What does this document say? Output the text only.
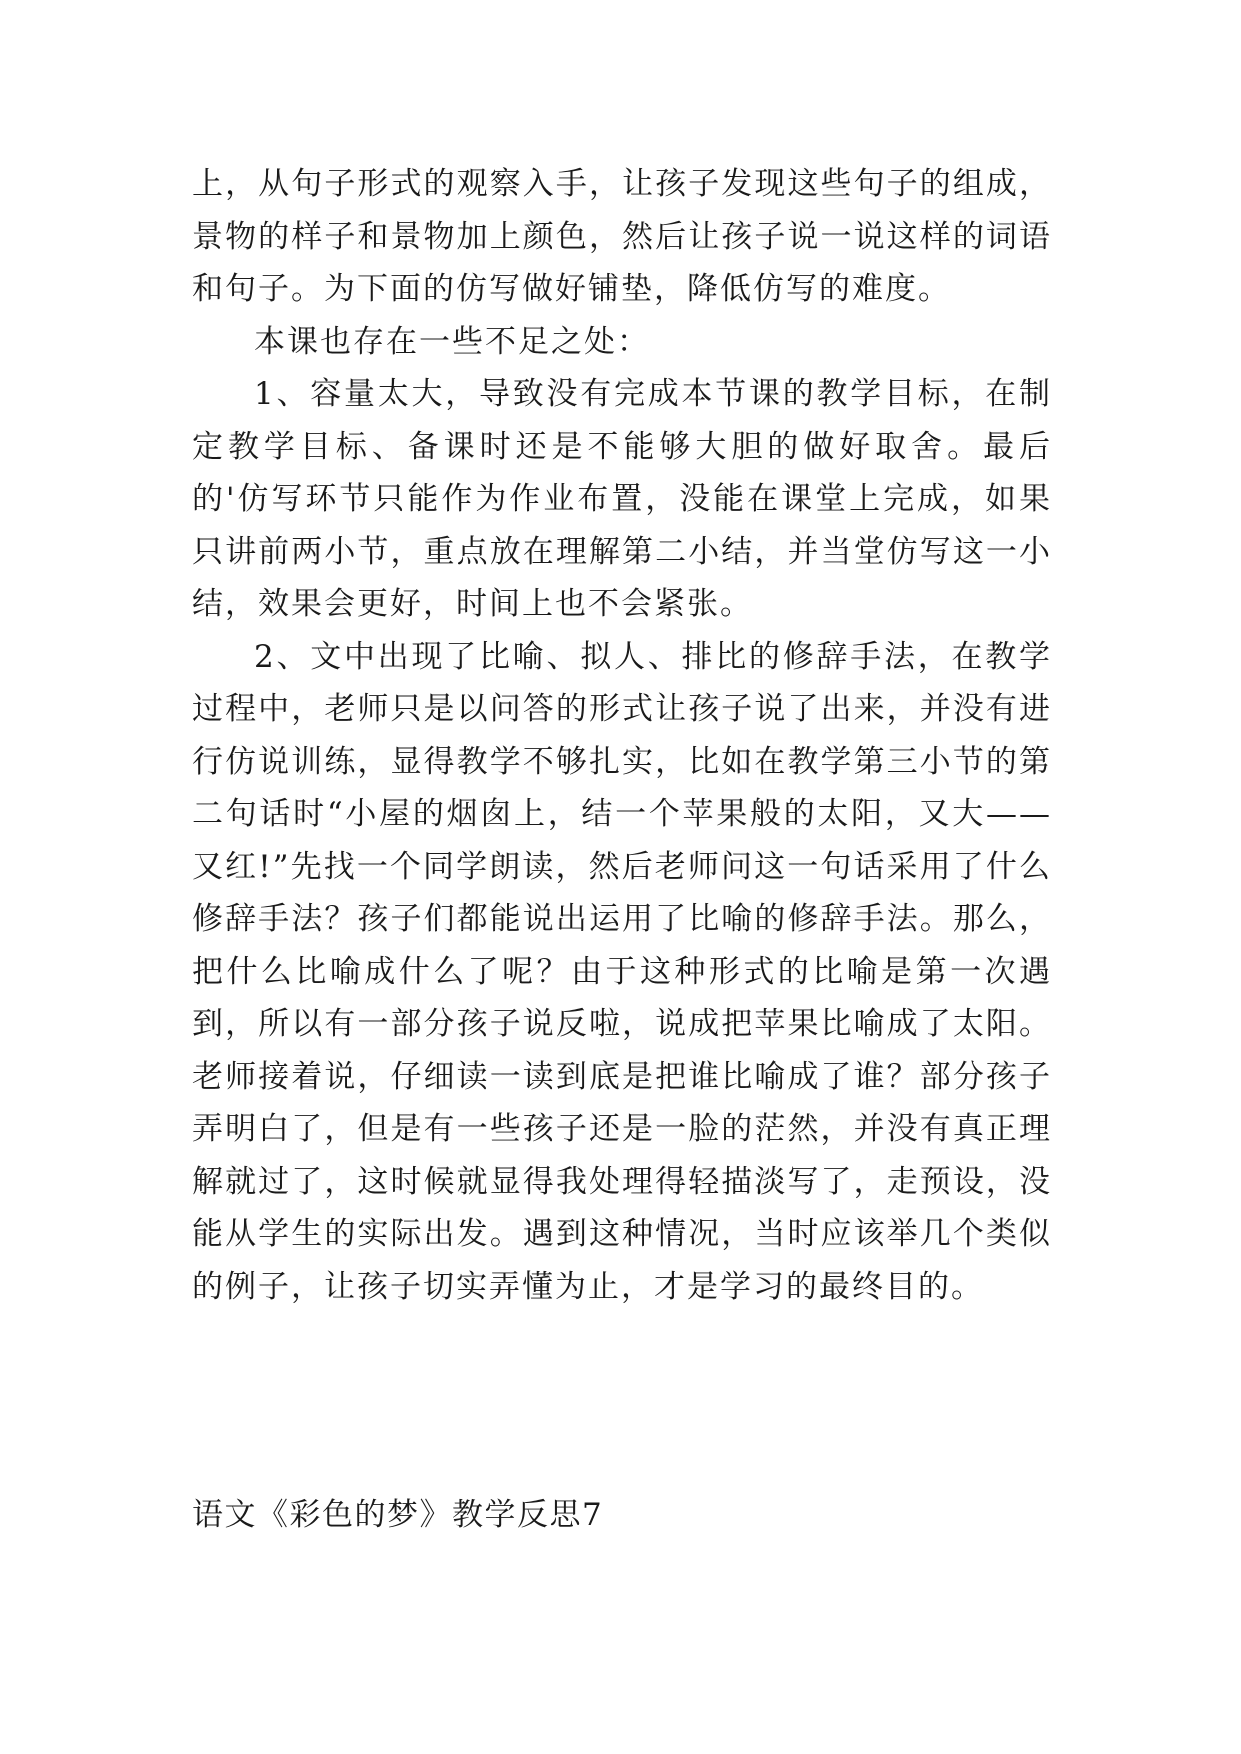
上，从句子形式的观察入手，让孩子发现这些句子的组成，景物的样子和景物加上颜色，然后让孩子说一说这样的词语和句子。为下面的仿写做好铺垫，降低仿写的难度。

本课也存在一些不足之处：

1、容量太大，导致没有完成本节课的教学目标，在制定教学目标、备课时还是不能够大胆的做好取舍。最后的'仿写环节只能作为作业布置，没能在课堂上完成，如果只讲前两小节，重点放在理解第二小结，并当堂仿写这一小结，效果会更好，时间上也不会紧张。

2、文中出现了比喻、拟人、排比的修辞手法，在教学过程中，老师只是以问答的形式让孩子说了出来，并没有进行仿说训练，显得教学不够扎实，比如在教学第三小节的第二句话时“小屋的烟囱上，结一个苹果般的太阳，又大——又红!”先找一个同学朗读，然后老师问这一句话采用了什么修辞手法？孩子们都能说出运用了比喻的修辞手法。那么，把什么比喻成什么了呢？由于这种形式的比喻是第一次遇到，所以有一部分孩子说反啦，说成把苹果比喻成了太阳。老师接着说，仔细读一读到底是把谁比喻成了谁？部分孩子弄明白了，但是有一些孩子还是一脸的茫然，并没有真正理解就过了，这时候就显得我处理得轻描淡写了，走预设，没能从学生的实际出发。遇到这种情况，当时应该举几个类似的例子，让孩子切实弄懂为止，才是学习的最终目的。

语文《彩色的梦》教学反思7
